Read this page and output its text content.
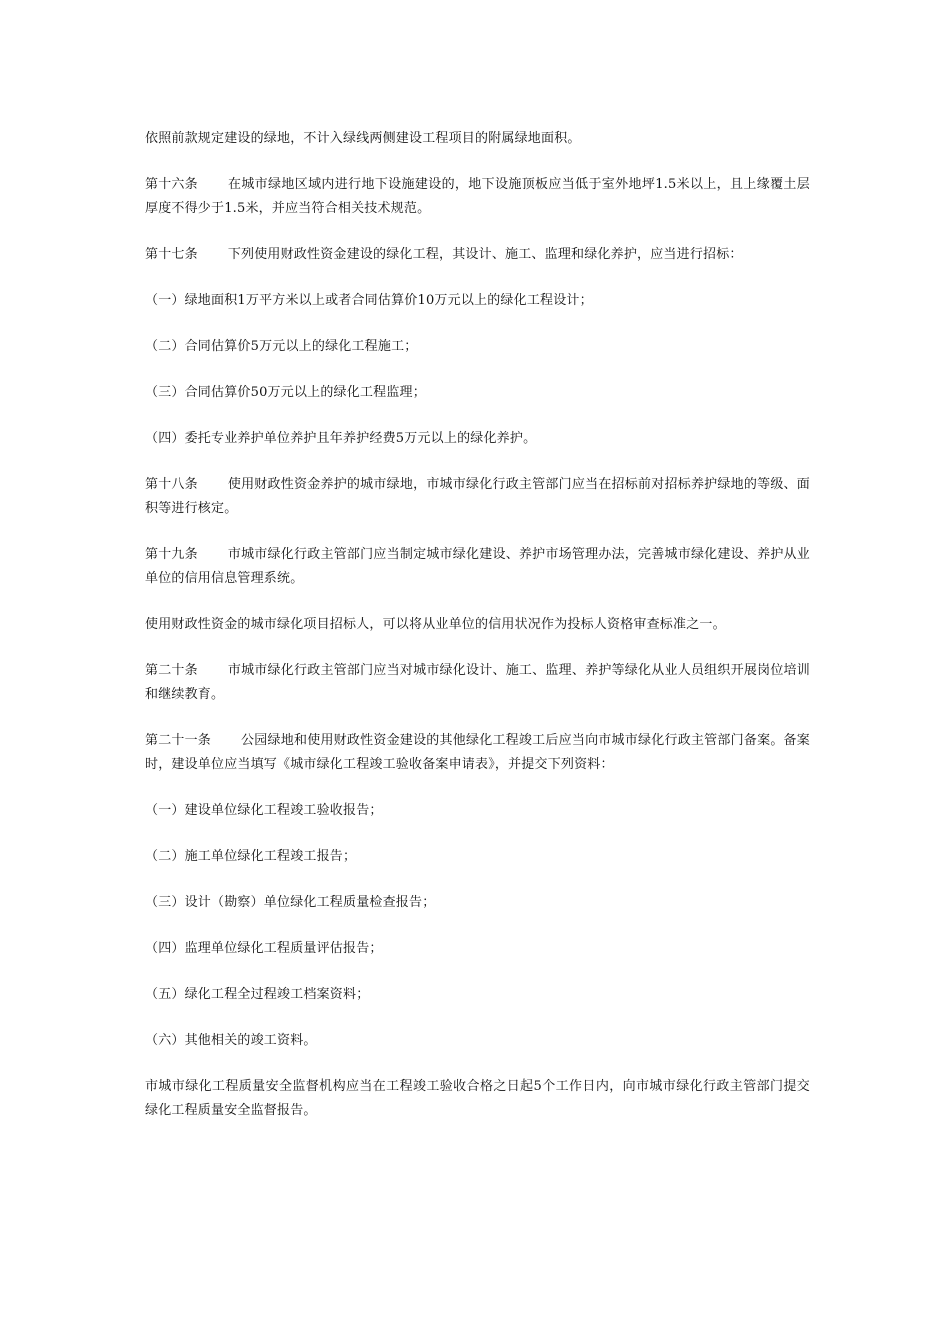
依照前款规定建设的绿地，不计入绿线两侧建设工程项目的附属绿地面积。

第十六条 在城市绿地区域内进行地下设施建设的，地下设施顶板应当低于室外地坪1.5米以上，且上缘覆土层厚度不得少于1.5米，并应当符合相关技术规范。

第十七条 下列使用财政性资金建设的绿化工程，其设计、施工、监理和绿化养护，应当进行招标：

（一）绿地面积1万平方米以上或者合同估算价10万元以上的绿化工程设计；

（二）合同估算价5万元以上的绿化工程施工；

（三）合同估算价50万元以上的绿化工程监理；

（四）委托专业养护单位养护且年养护经费5万元以上的绿化养护。

第十八条 使用财政性资金养护的城市绿地，市城市绿化行政主管部门应当在招标前对招标养护绿地的等级、面积等进行核定。

第十九条 市城市绿化行政主管部门应当制定城市绿化建设、养护市场管理办法，完善城市绿化建设、养护从业单位的信用信息管理系统。

使用财政性资金的城市绿化项目招标人，可以将从业单位的信用状况作为投标人资格审查标准之一。

第二十条 市城市绿化行政主管部门应当对城市绿化设计、施工、监理、养护等绿化从业人员组织开展岗位培训和继续教育。

第二十一条 公园绿地和使用财政性资金建设的其他绿化工程竣工后应当向市城市绿化行政主管部门备案。备案时，建设单位应当填写《城市绿化工程竣工验收备案申请表》，并提交下列资料：

（一）建设单位绿化工程竣工验收报告；

（二）施工单位绿化工程竣工报告；

（三）设计（勘察）单位绿化工程质量检查报告；

（四）监理单位绿化工程质量评估报告；

（五）绿化工程全过程竣工档案资料；

（六）其他相关的竣工资料。

市城市绿化工程质量安全监督机构应当在工程竣工验收合格之日起5个工作日内，向市城市绿化行政主管部门提交绿化工程质量安全监督报告。
